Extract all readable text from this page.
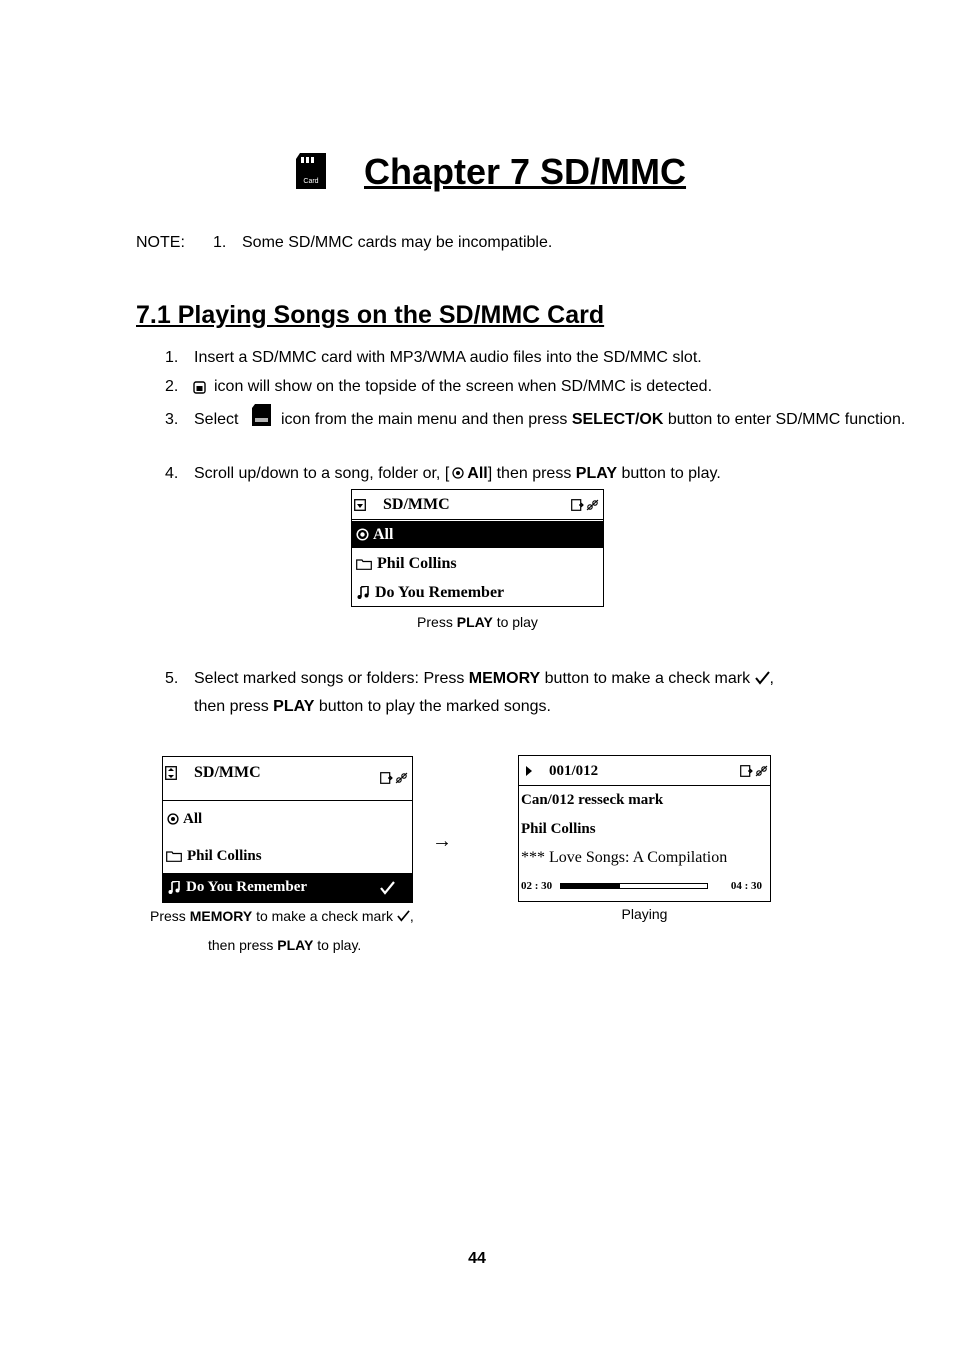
Card Chapter 7 SD/MMC
NOTE: 1. Some SD/MMC cards may be incompatible.
7.1 Playing Songs on the SD/MMC Card
1. Insert a SD/MMC card with MP3/WMA audio files into the SD/MMC slot.
2. icon will show on the topside of the screen when SD/MMC is detected.
3. Select	icon from the main menu and then press SELECT/OK button to enter SD/MMC function.
4. Scroll up/down to a song, folder or, [ All] then press PLAY button to play.
SD/MMC
All
Phil Collins
Do You Remember
Press PLAY to play
5. Select marked songs or folders: Press MEMORY button to make a check mark ,
then press PLAY button to play the marked songs.
SD/MMC
All
Phil Collins
Do You Remember
Press MEMORY to make a check mark ,
then press PLAY to play.
→
001/012
Can/012 resseck mark
Phil Collins
*** Love Songs: A Compilation
02 : 30	04 : 30
Playing
44
